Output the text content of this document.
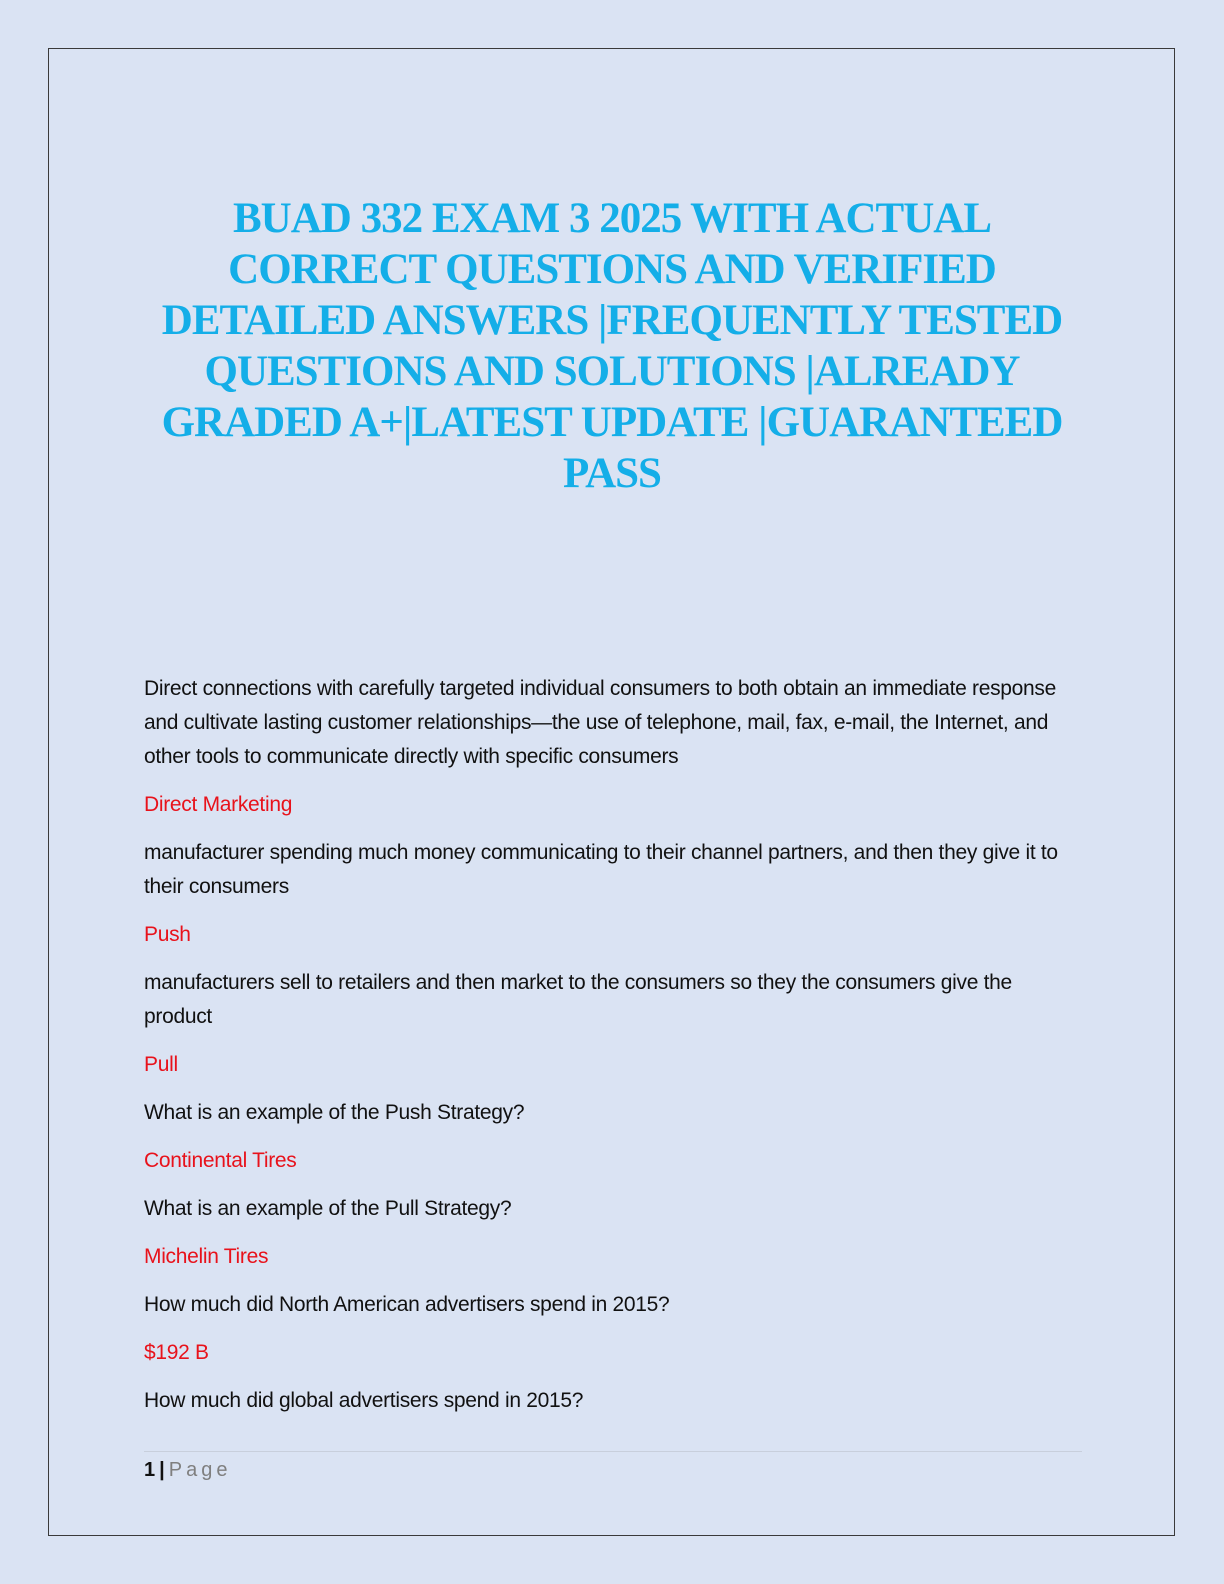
BUAD 332 EXAM 3 2025 WITH ACTUAL CORRECT QUESTIONS AND VERIFIED DETAILED ANSWERS |FREQUENTLY TESTED QUESTIONS AND SOLUTIONS |ALREADY GRADED A+|LATEST UPDATE |GUARANTEED PASS

Direct connections with carefully targeted individual consumers to both obtain an immediate response and cultivate lasting customer relationships—the use of telephone, mail, fax, e-mail, the Internet, and other tools to communicate directly with specific consumers

Direct Marketing

manufacturer spending much money communicating to their channel partners, and then they give it to their consumers

Push

manufacturers sell to retailers and then market to the consumers so they the consumers give the product

Pull

What is an example of the Push Strategy?

Continental Tires

What is an example of the Pull Strategy?

Michelin Tires

How much did North American advertisers spend in 2015?

$192 B

How much did global advertisers spend in 2015?

1 | Page
